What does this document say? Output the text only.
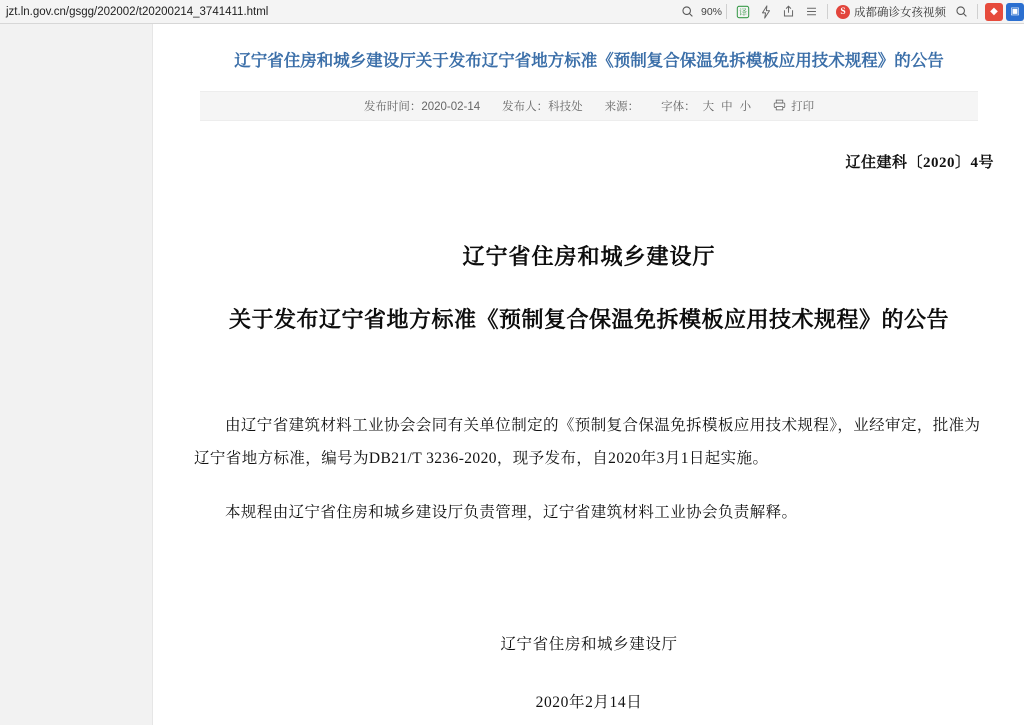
jzt.ln.gov.cn /gsgg/202002/t20200214_3741411.html	90% 译	S 成都确诊女孩视频	◆	▣
辽宁省住房和城乡建设厅关于发布辽宁省地方标准《预制复合保温免拆模板应用技术规程》的公告
发布时间：2020-02-14 发布人：科技处 来源： 字体： 大 中 小	打印
辽住建科〔2020〕4号
辽宁省住房和城乡建设厅
关于发布辽宁省地方标准《预制复合保温免拆模板应用技术规程》的公告

由辽宁省建筑材料工业协会会同有关单位制定的《预制复合保温免拆模板应用技术规程》，业经审定，批准为辽宁省地方标准，编号为DB21/T 3236-2020，现予发布，自2020年3月1日起实施。

本规程由辽宁省住房和城乡建设厅负责管理，辽宁省建筑材料工业协会负责解释。

辽宁省住房和城乡建设厅
2020年2月14日
